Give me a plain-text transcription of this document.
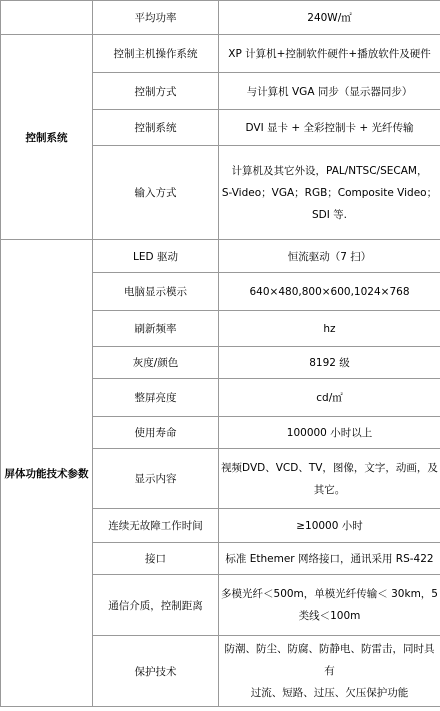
	平均功率	240W/㎡
控制系统	控制主机操作系统	XP 计算机+控制软件硬件+播放软件及硬件
	控制方式	与计算机 VGA 同步（显示器同步）
	控制系统	DVI 显卡 + 全彩控制卡 + 光纤传输
	输入方式	计算机及其它外设，PAL/NTSC/SECAM，
S-Video；VGA；RGB；Composite Video；
SDI 等.

屏体功能技术参数	LED 驱动	恒流驱动（7 扫）
	电脑显示模示	640×480,800×600,1024×768
	刷新频率	hz
	灰度/颜色	8192 级
	整屏亮度	cd/㎡
	使用寿命	100000 小时以上
	显示内容	视频DVD、VCD、TV，图像，文字，动画，及
其它。

	连续无故障工作时间	≥10000 小时
	接口	标准 Ethemer 网络接口，通讯采用 RS-422
	通信介质，控制距离	多模光纤＜500m，单模光纤传输＜ 30km，5
类线＜100m

	保护技术	防潮、防尘、防腐、防静电、防雷击，同时具有
过流、短路、过压、欠压保护功能
